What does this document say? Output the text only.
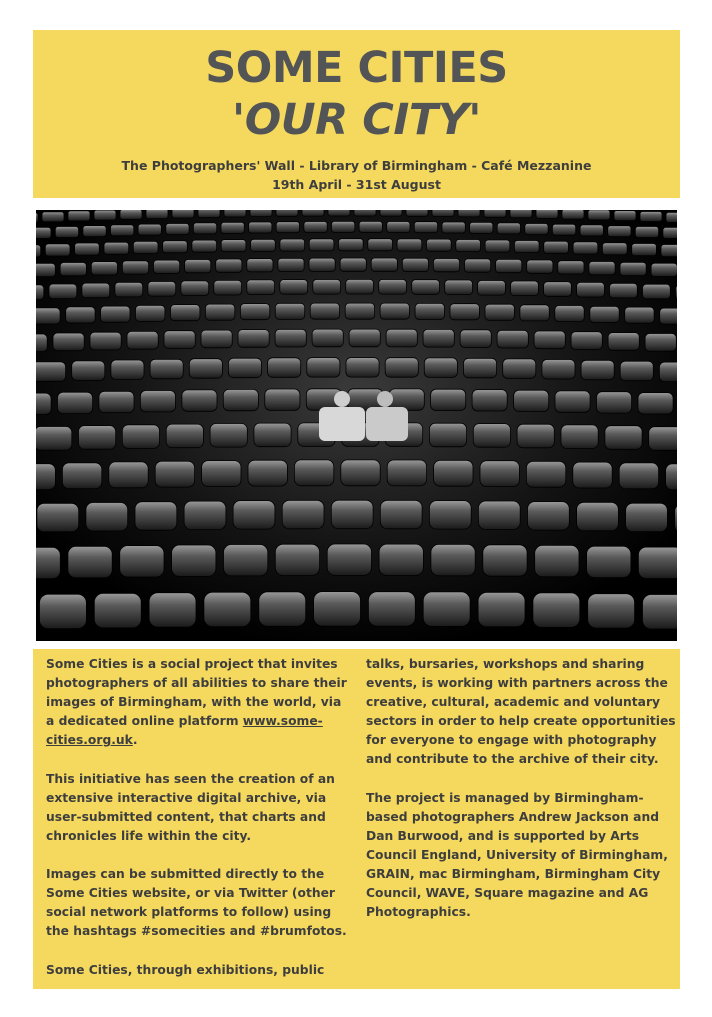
SOME CITIES
'OUR CITY'
The Photographers' Wall - Library of Birmingham - Café Mezzanine
19th April - 31st August

Some Cities is a social project that invites photographers of all abilities to share their images of Birmingham, with the world, via a dedicated online platform www.some-cities.org.uk.

This initiative has seen the creation of an extensive interactive digital archive, via user-submitted content, that charts and chronicles life within the city.

Images can be submitted directly to the Some Cities website, or via Twitter (other social network platforms to follow) using the hashtags #somecities and #brumfotos.

Some Cities, through exhibitions, public

talks, bursaries, workshops and sharing events, is working with partners across the creative, cultural, academic and voluntary sectors in order to help create opportunities for everyone to engage with photography and contribute to the archive of their city.

The project is managed by Birmingham-based photographers Andrew Jackson and Dan Burwood, and is supported by Arts Council England, University of Birmingham, GRAIN, mac Birmingham, Birmingham City Council, WAVE, Square magazine and AG Photographics.
